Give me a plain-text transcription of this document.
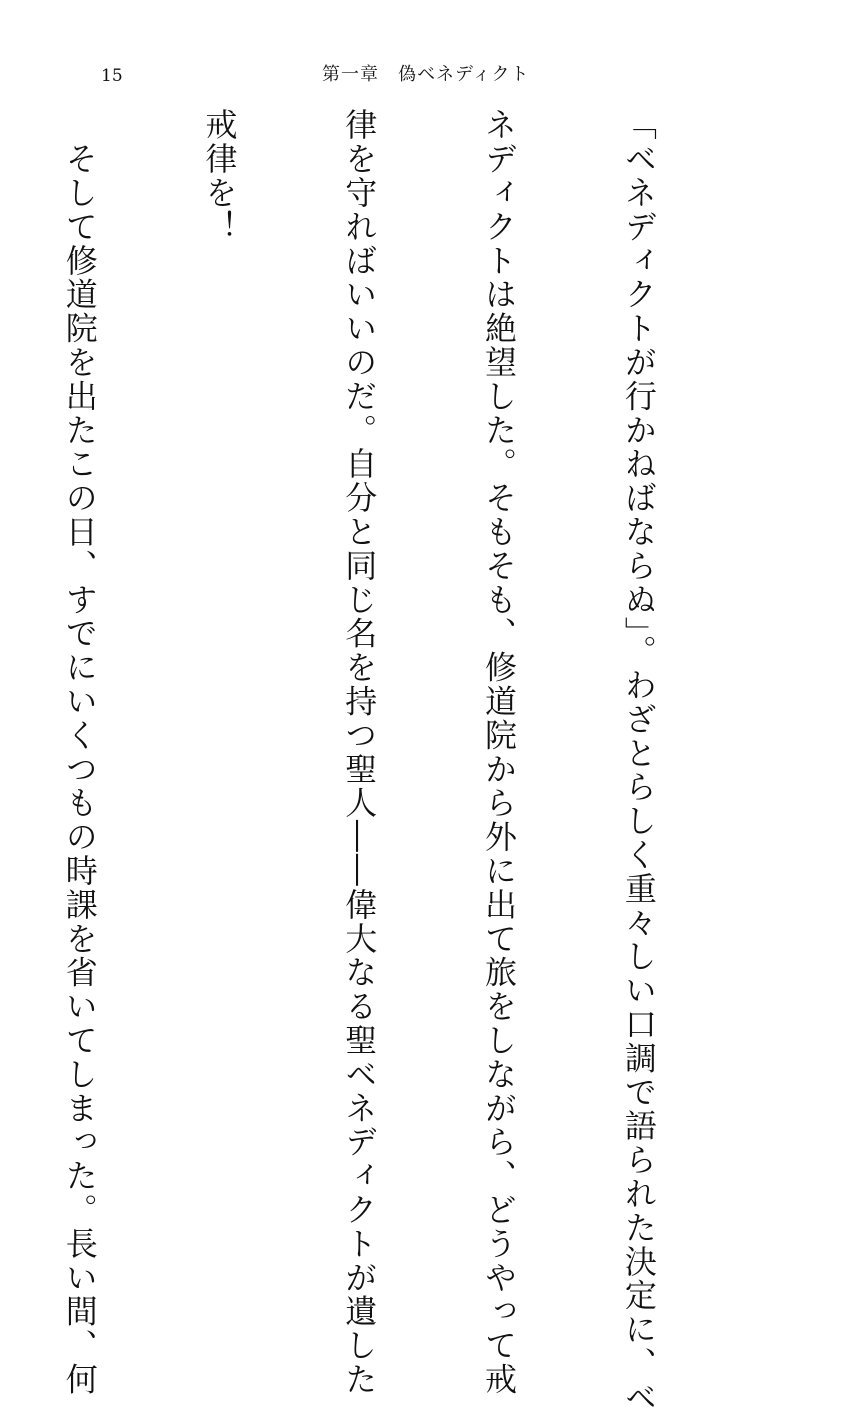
15	第一章　偽ベネディクト

「ベネディクトが行かねばならぬ」。わざとらしく重々しい口調で語られた決定に、ベ

ネディクトは絶望した。そもそも、修道院から外に出て旅をしながら、どうやって戒

律を守ればいいのだ。自分と同じ名を持つ聖人――偉大なる聖ベネディクトが遺した

戒律を！

　そして修道院を出たこの日、すでにいくつもの時課を省いてしまった。長い間、何
